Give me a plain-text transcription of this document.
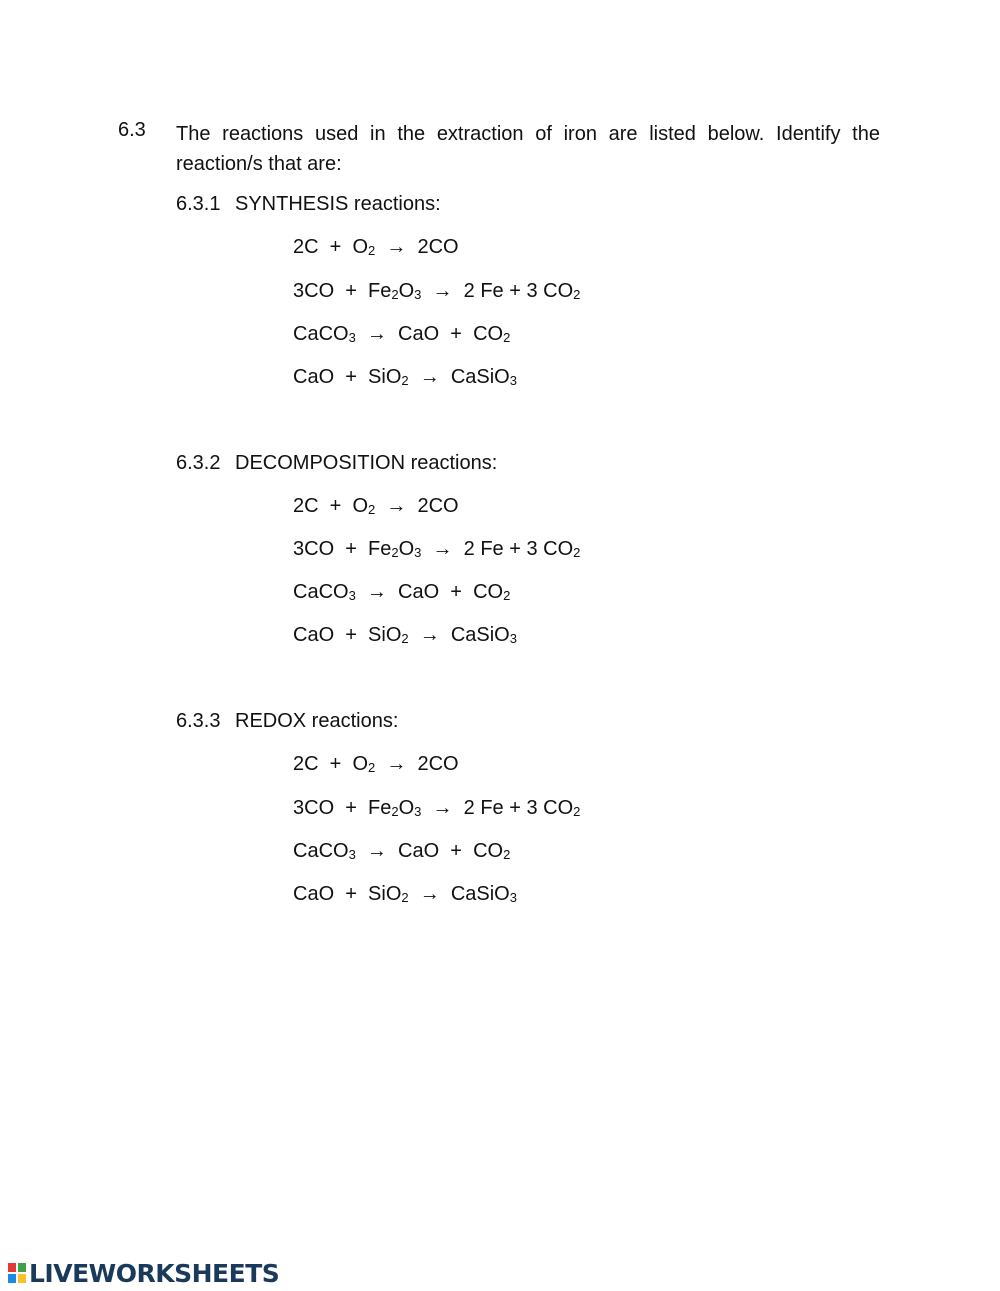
6.3 The reactions used in the extraction of iron are listed below. Identify the reaction/s that are:
6.3.1 SYNTHESIS reactions:
$2C + O_2 \to 2CO$
$3CO + Fe_2O_3 \to 2$ Fe + 3 $CO_2$
CaCO$_3$  →  CaO  +  $CO_2$
CaO  +  SiO$_2$  →  CaSiO$_3$
6.3.2 DECOMPOSITION reactions:
$2C + O_2 \to 2CO$
$3CO + Fe_2O_3 \to 2$ Fe + 3 $CO_2$
CaCO$_3$  →  CaO  +  $CO_2$
CaO  +  SiO$_2$  →  CaSiO$_3$
6.3.3 REDOX reactions:
$2C + O_2 \to 2CO$
$3CO + Fe_2O_3 \to 2$ Fe + 3 $CO_2$
CaCO$_3$  →  CaO  +  $CO_2$
CaO  +  SiO$_2$  →  CaSiO$_3$
LIVEWORKSHEETS
